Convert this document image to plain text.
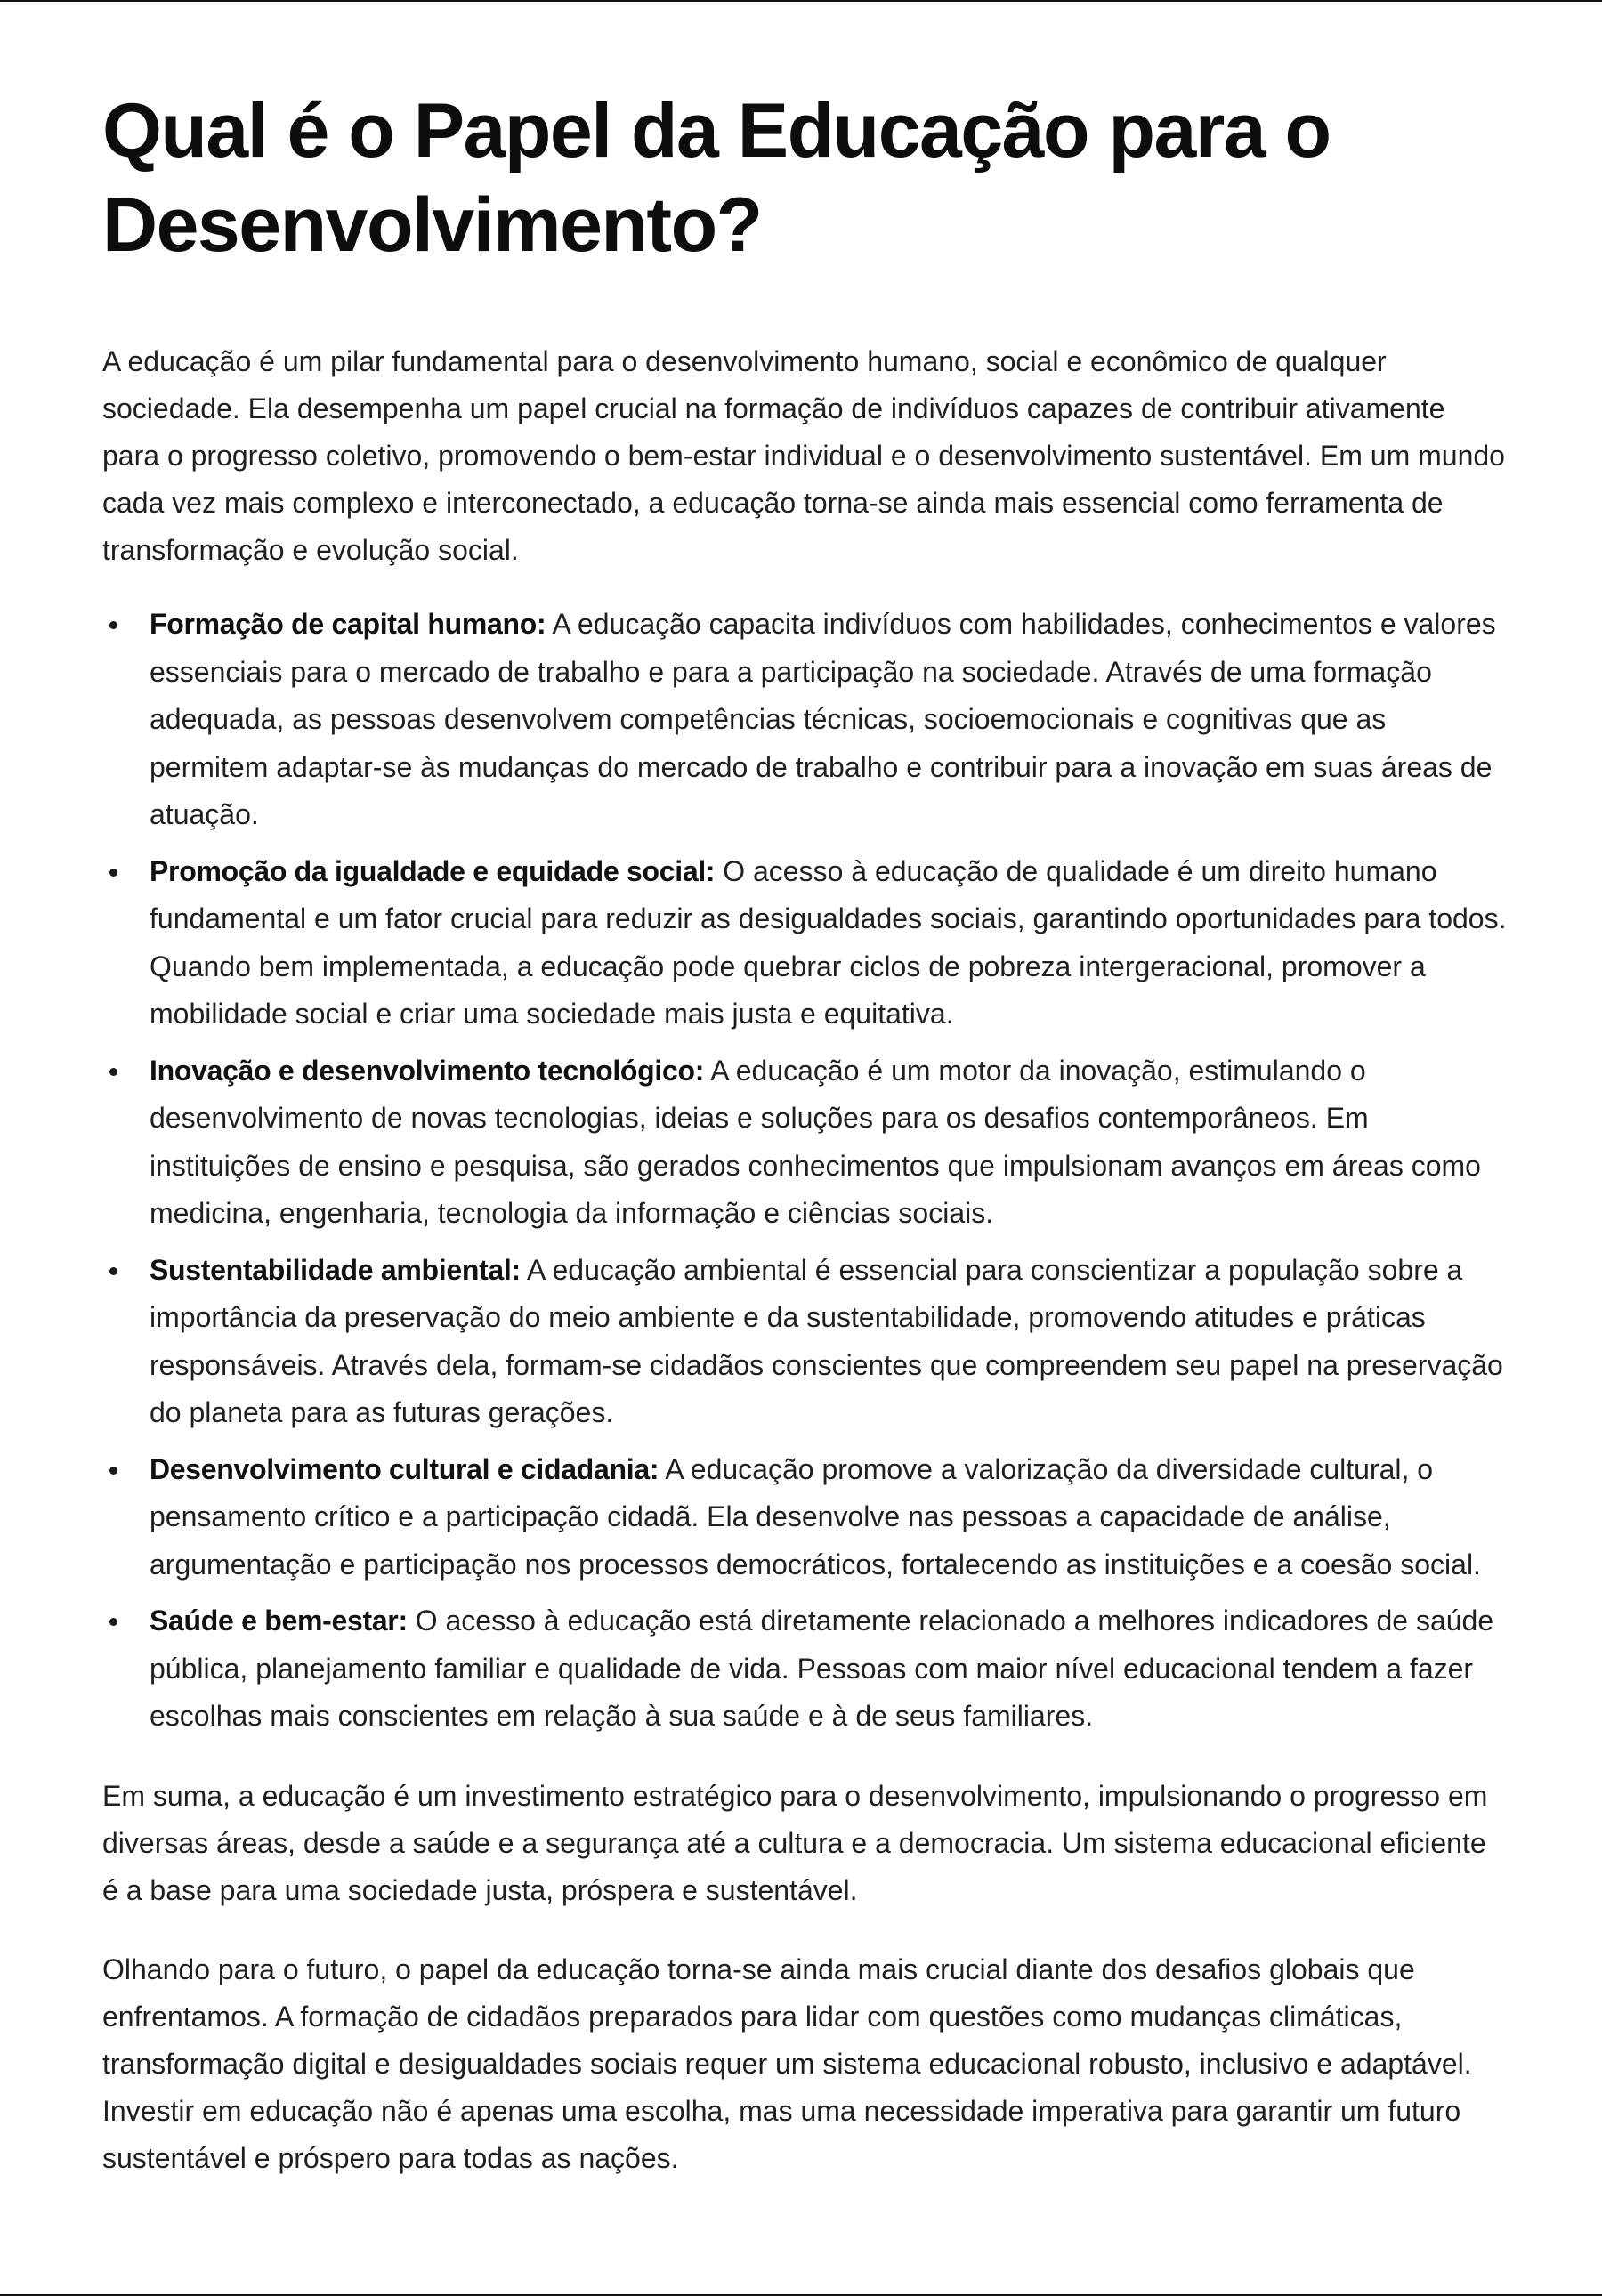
Qual é o Papel da Educação para o Desenvolvimento?

A educação é um pilar fundamental para o desenvolvimento humano, social e econômico de qualquer sociedade. Ela desempenha um papel crucial na formação de indivíduos capazes de contribuir ativamente para o progresso coletivo, promovendo o bem-estar individual e o desenvolvimento sustentável. Em um mundo cada vez mais complexo e interconectado, a educação torna-se ainda mais essencial como ferramenta de transformação e evolução social.

Formação de capital humano: A educação capacita indivíduos com habilidades, conhecimentos e valores essenciais para o mercado de trabalho e para a participação na sociedade. Através de uma formação adequada, as pessoas desenvolvem competências técnicas, socioemocionais e cognitivas que as permitem adaptar-se às mudanças do mercado de trabalho e contribuir para a inovação em suas áreas de atuação.
Promoção da igualdade e equidade social: O acesso à educação de qualidade é um direito humano fundamental e um fator crucial para reduzir as desigualdades sociais, garantindo oportunidades para todos. Quando bem implementada, a educação pode quebrar ciclos de pobreza intergeracional, promover a mobilidade social e criar uma sociedade mais justa e equitativa.
Inovação e desenvolvimento tecnológico: A educação é um motor da inovação, estimulando o desenvolvimento de novas tecnologias, ideias e soluções para os desafios contemporâneos. Em instituições de ensino e pesquisa, são gerados conhecimentos que impulsionam avanços em áreas como medicina, engenharia, tecnologia da informação e ciências sociais.
Sustentabilidade ambiental: A educação ambiental é essencial para conscientizar a população sobre a importância da preservação do meio ambiente e da sustentabilidade, promovendo atitudes e práticas responsáveis. Através dela, formam-se cidadãos conscientes que compreendem seu papel na preservação do planeta para as futuras gerações.
Desenvolvimento cultural e cidadania: A educação promove a valorização da diversidade cultural, o pensamento crítico e a participação cidadã. Ela desenvolve nas pessoas a capacidade de análise, argumentação e participação nos processos democráticos, fortalecendo as instituições e a coesão social.
Saúde e bem-estar: O acesso à educação está diretamente relacionado a melhores indicadores de saúde pública, planejamento familiar e qualidade de vida. Pessoas com maior nível educacional tendem a fazer escolhas mais conscientes em relação à sua saúde e à de seus familiares.

Em suma, a educação é um investimento estratégico para o desenvolvimento, impulsionando o progresso em diversas áreas, desde a saúde e a segurança até a cultura e a democracia. Um sistema educacional eficiente é a base para uma sociedade justa, próspera e sustentável.

Olhando para o futuro, o papel da educação torna-se ainda mais crucial diante dos desafios globais que enfrentamos. A formação de cidadãos preparados para lidar com questões como mudanças climáticas, transformação digital e desigualdades sociais requer um sistema educacional robusto, inclusivo e adaptável. Investir em educação não é apenas uma escolha, mas uma necessidade imperativa para garantir um futuro sustentável e próspero para todas as nações.
